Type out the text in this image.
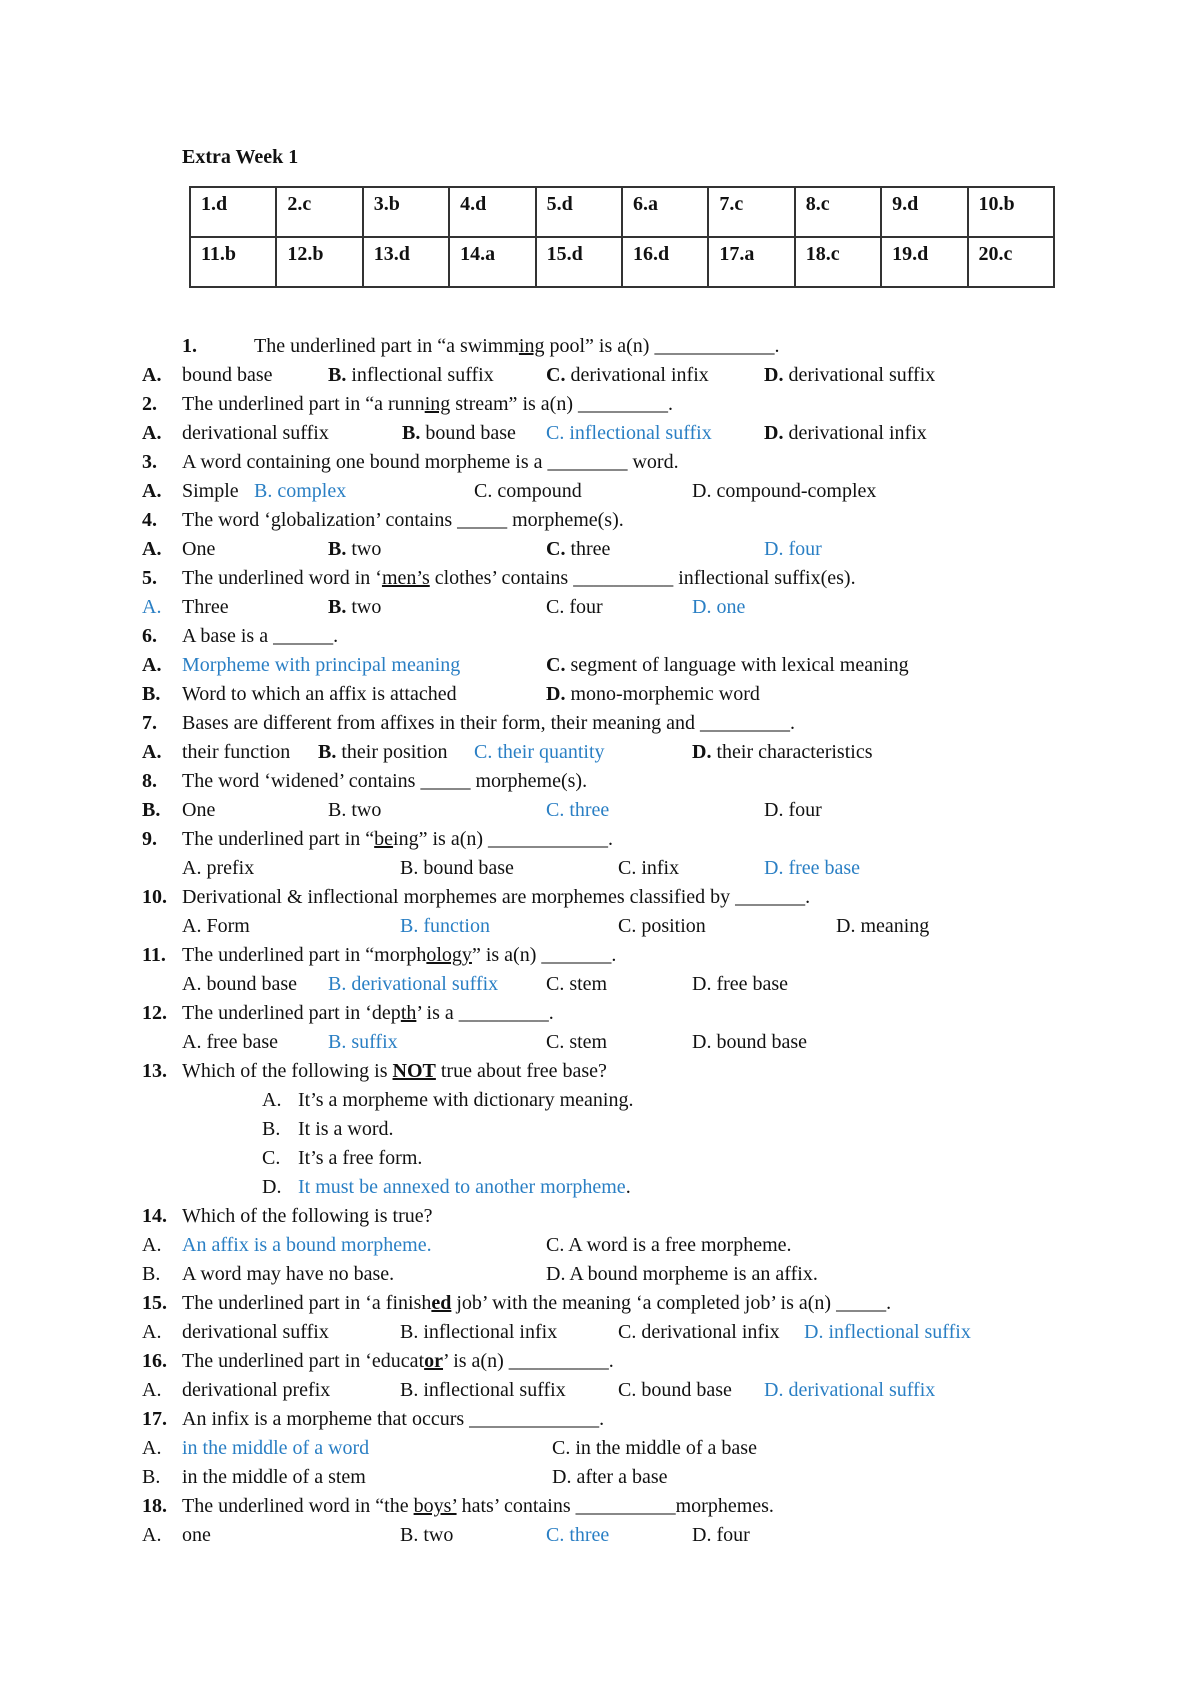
Extra Week 1
1.d	2.c	3.b	4.d	5.d	6.a	7.c	8.c	9.d	10.b
11.b	12.b	13.d	14.a	15.d	16.d	17.a	18.c	19.d	20.c
1.	The underlined part in “a swimming pool” is a(n) ____________.
A. bound base	B. inflectional suffix	C. derivational infix	D. derivational suffix
2. The underlined part in “a running stream” is a(n) _________.
A. derivational suffix	B. bound base C. inflectional suffix	D. derivational infix
3. A word containing one bound morpheme is a ________ word.
A. Simple B. complex	C. compound	D. compound-complex
4. The word ‘globalization’ contains _____ morpheme(s).
A. One	B. two	C. three	D. four
5. The underlined word in ‘men’s clothes’ contains __________ inflectional suffix(es).
A. Three	B. two	C. four	D. one
6. A base is a ______.
A. Morpheme with principal meaning	C. segment of language with lexical meaning
B. Word to which an affix is attached	D. mono-morphemic word
7. Bases are different from affixes in their form, their meaning and _________.
A. their function B. their position C. their quantity	D. their characteristics
8. The word ‘widened’ contains _____ morpheme(s).
B. One	B. two	C. three	D. four
9. The underlined part in “being” is a(n) ____________.
A. prefix	B. bound base	C. infix	D. free base
10. Derivational & inflectional morphemes are morphemes classified by _______.
A. Form	B. function	C. position	D. meaning
11. The underlined part in “morphology” is a(n) _______.
A. bound base B. derivational suffix C. stem	D. free base
12. The underlined part in ‘depth’ is a _________.
A. free base B. suffix	C. stem	D. bound base
13. Which of the following is NOT true about free base?
A. It’s a morpheme with dictionary meaning.
B. It is a word.
C. It’s a free form.
D. It must be annexed to another morpheme.
14. Which of the following is true?
A. An affix is a bound morpheme.	C. A word is a free morpheme.
B. A word may have no base.	D. A bound morpheme is an affix.
15. The underlined part in ‘a finished job’ with the meaning ‘a completed job’ is a(n) _____.
A. derivational suffix	B. inflectional infix	C. derivational infix D. inflectional suffix
16. The underlined part in ‘educator’ is a(n) __________.
A. derivational prefix	B. inflectional suffix	C. bound base D. derivational suffix
17. An infix is a morpheme that occurs _____________.
A. in the middle of a word	C. in the middle of a base
B. in the middle of a stem	D. after a base
18. The underlined word in “the boys’ hats’ contains __________morphemes.
A. one	B. two	C. three	D. four
